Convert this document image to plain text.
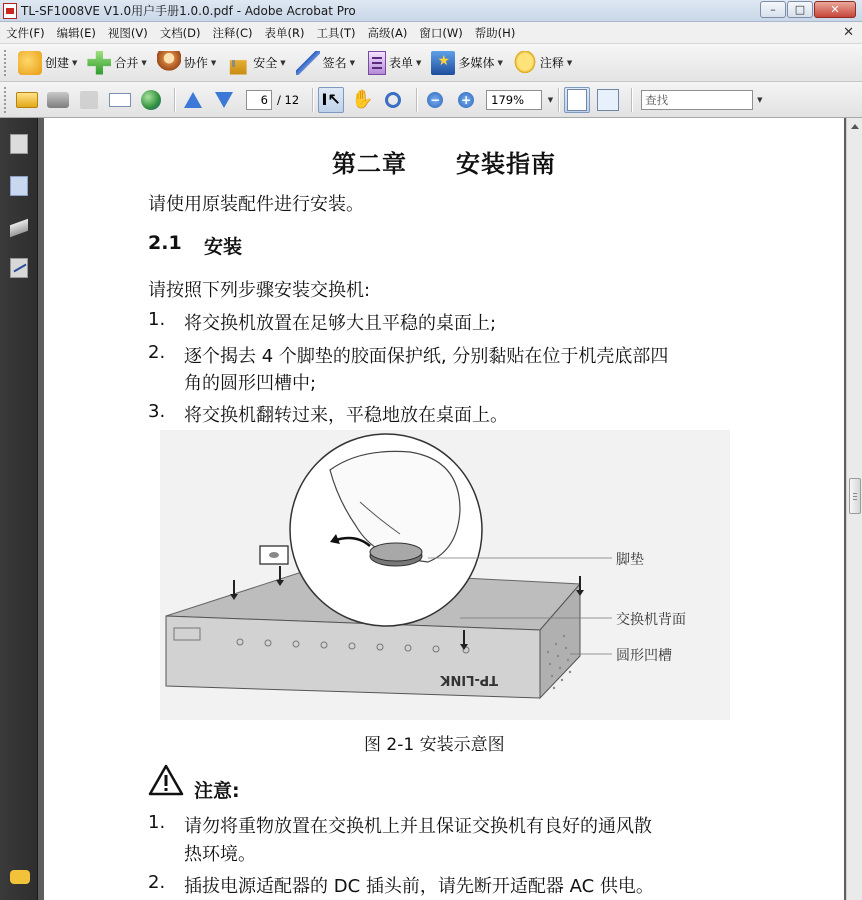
TL-SF1008VE V1.0用户手册1.0.0.pdf - Adobe Acrobat Pro	–	□	✕
文件(F)	编辑(E)	视图(V)	文档(D)	注释(C)	表单(R)	工具(T)	高级(A)	窗口(W)	帮助(H)	✕
创建 ▼	合并 ▼	协作 ▼	安全 ▼	签名 ▼	表单 ▼
★	多媒体 ▼	注释 ▼
6 / 12 I↖ ✋	− +	179%	▼	查找	▼
第二章 安装指南
请使用原装配件进行安装。
2.1 安装
请按照下列步骤安装交换机:
1. 将交换机放置在足够大且平稳的桌面上;
2. 逐个揭去 4 个脚垫的胶面保护纸, 分别黏贴在位于机壳底部四
角的圆形凹槽中;
3. 将交换机翻转过来，平稳地放在桌面上。
TP-LINK
脚垫
交换机背面
圆形凹槽
图 2-1 安装示意图
注意:
1. 请勿将重物放置在交换机上并且保证交换机有良好的通风散
热环境。
2. 插拔电源适配器的 DC 插头前，请先断开适配器 AC 供电。
